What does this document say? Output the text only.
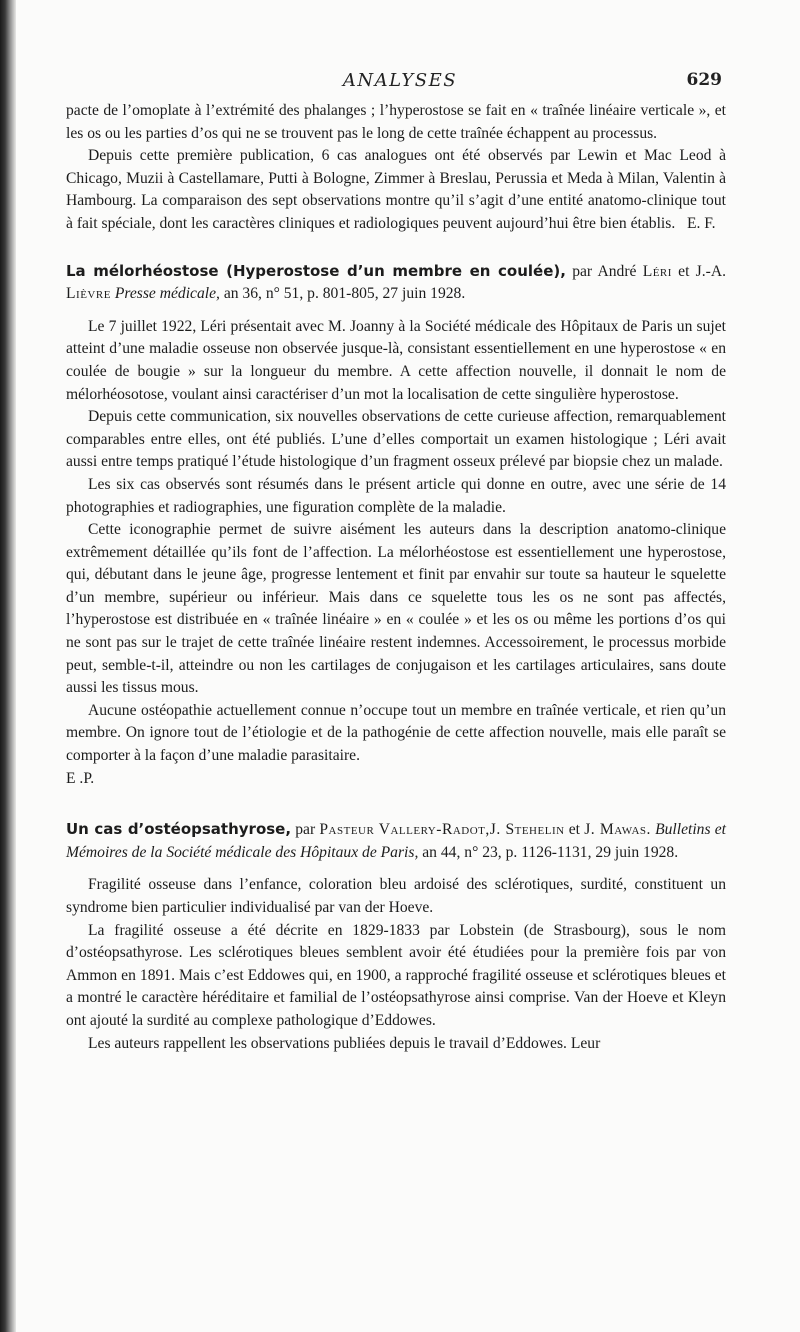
ANALYSES	629

pacte de l’omoplate à l’extrémité des phalanges ; l’hyperostose se fait en « traînée linéaire verticale », et les os ou les parties d’os qui ne se trouvent pas le long de cette traînée échappent au processus.

Depuis cette première publication, 6 cas analogues ont été observés par Lewin et Mac Leod à Chicago, Muzii à Castellamare, Putti à Bologne, Zimmer à Breslau, Perussia et Meda à Milan, Valentin à Hambourg. La comparaison des sept observations montre qu’il s’agit d’une entité anatomo-clinique tout à fait spéciale, dont les caractères cliniques et radiologiques peuvent aujourd’hui être bien établis. E. F.

La mélorhéostose (Hyperostose d’un membre en coulée), par André Léri et J.-A. Lièvre Presse médicale, an 36, n° 51, p. 801-805, 27 juin 1928.

Le 7 juillet 1922, Léri présentait avec M. Joanny à la Société médicale des Hôpitaux de Paris un sujet atteint d’une maladie osseuse non observée jusque-là, consistant essentiellement en une hyperostose « en coulée de bougie » sur la longueur du membre. A cette affection nouvelle, il donnait le nom de mélorhéosotose, voulant ainsi caractériser d’un mot la localisation de cette singulière hyperostose.

Depuis cette communication, six nouvelles observations de cette curieuse affection, remarquablement comparables entre elles, ont été publiés. L’une d’elles comportait un examen histologique ; Léri avait aussi entre temps pratiqué l’étude histologique d’un fragment osseux prélevé par biopsie chez un malade.

Les six cas observés sont résumés dans le présent article qui donne en outre, avec une série de 14 photographies et radiographies, une figuration complète de la maladie.

Cette iconographie permet de suivre aisément les auteurs dans la description anatomo-clinique extrêmement détaillée qu’ils font de l’affection. La mélorhéostose est essentiellement une hyperostose, qui, débutant dans le jeune âge, progresse lentement et finit par envahir sur toute sa hauteur le squelette d’un membre, supérieur ou inférieur. Mais dans ce squelette tous les os ne sont pas affectés, l’hyperostose est distribuée en « traînée linéaire » en « coulée » et les os ou même les portions d’os qui ne sont pas sur le trajet de cette traînée linéaire restent indemnes. Accessoirement, le processus morbide peut, semble-t-il, atteindre ou non les cartilages de conjugaison et les cartilages articulaires, sans doute aussi les tissus mous.

Aucune ostéopathie actuellement connue n’occupe tout un membre en traînée verticale, et rien qu’un membre. On ignore tout de l’étiologie et de la pathogénie de cette affection nouvelle, mais elle paraît se comporter à la façon d’une maladie parasitaire.

E .P.

Un cas d’ostéopsathyrose, par Pasteur Vallery-Radot,J. Stehelin et J. Mawas. Bulletins et Mémoires de la Société médicale des Hôpitaux de Paris, an 44, n° 23, p. 1126-1131, 29 juin 1928.

Fragilité osseuse dans l’enfance, coloration bleu ardoisé des sclérotiques, surdité, constituent un syndrome bien particulier individualisé par van der Hoeve.

La fragilité osseuse a été décrite en 1829-1833 par Lobstein (de Strasbourg), sous le nom d’ostéopsathyrose. Les sclérotiques bleues semblent avoir été étudiées pour la première fois par von Ammon en 1891. Mais c’est Eddowes qui, en 1900, a rapproché fragilité osseuse et sclérotiques bleues et a montré le caractère héréditaire et familial de l’ostéopsathyrose ainsi comprise. Van der Hoeve et Kleyn ont ajouté la surdité au complexe pathologique d’Eddowes.

Les auteurs rappellent les observations publiées depuis le travail d’Eddowes. Leur
